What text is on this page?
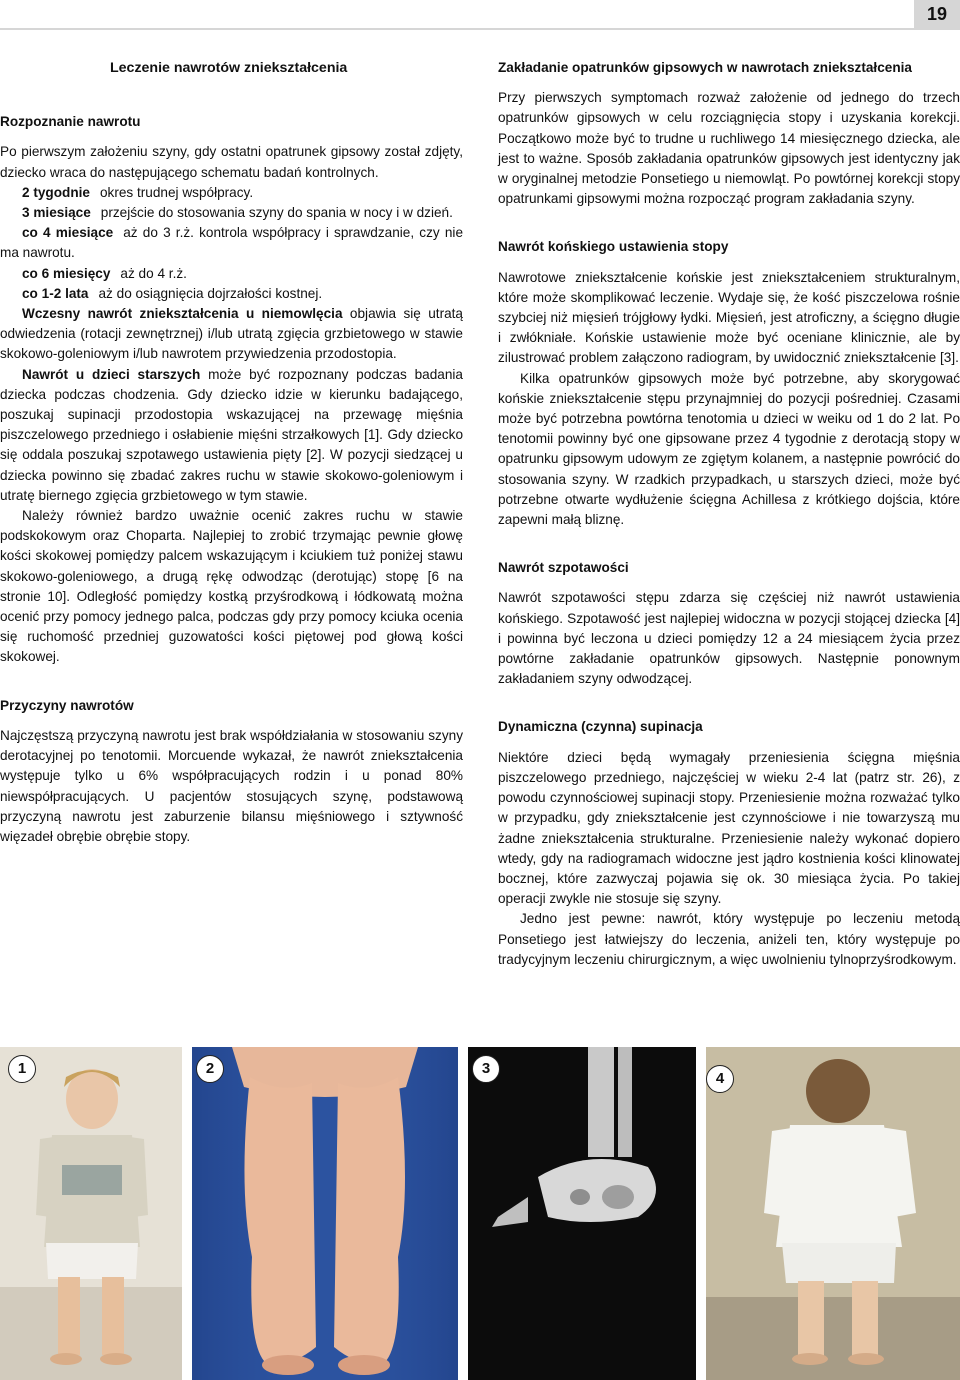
19
Leczenie nawrotów zniekształcenia
Rozpoznanie nawrotu

Po pierwszym założeniu szyny, gdy ostatni opatrunek gipsowy został zdjęty, dziecko wraca do następującego schematu badań kontrolnych.

2 tygodnie okres trudnej współpracy.

3 miesiące przejście do stosowania szyny do spania w nocy i w dzień.

co 4 miesiące aż do 3 r.ż. kontrola współpracy i sprawdzanie, czy nie ma nawrotu.

co 6 miesięcy aż do 4 r.ż.
co 1-2 lata aż do osiągnięcia dojrzałości kostnej.

Wczesny nawrót zniekształcenia u niemowlęcia objawia się utratą odwiedzenia (rotacji zewnętrznej) i/lub utratą zgięcia grzbietowego w stawie skokowo-goleniowym i/lub nawrotem przywiedzenia przodostopia.

Nawrót u dzieci starszych może być rozpoznany podczas badania dziecka podczas chodzenia. Gdy dziecko idzie w kierunku badającego, poszukaj supinacji przodostopia wskazującej na przewagę mięśnia piszczelowego przedniego i osłabienie mięśni strzałkowych [1]. Gdy dziecko się oddala poszukaj szpotawego ustawienia pięty [2]. W pozycji siedzącej u dziecka powinno się zbadać zakres ruchu w stawie skokowo-goleniowym i utratę biernego zgięcia grzbietowego w tym stawie.

Należy również bardzo uważnie ocenić zakres ruchu w stawie podskokowym oraz Choparta. Najlepiej to zrobić trzymając pewnie głowę kości skokowej pomiędzy palcem wskazującym i kciukiem tuż poniżej stawu skokowo-goleniowego, a drugą rękę odwodząc (derotując) stopę [6 na stronie 10]. Odległość pomiędzy kostką przyśrodkową i łódkowatą można ocenić przy pomocy jednego palca, podczas gdy przy pomocy kciuka ocenia się ruchomość przedniej guzowatości kości piętowej pod głową kości skokowej.

Przyczyny nawrotów

Najczęstszą przyczyną nawrotu jest brak współdziałania w stosowaniu szyny derotacyjnej po tenotomii. Morcuende wykazał, że nawrót zniekształcenia występuje tylko u 6% współpracujących rodzin i u ponad 80% niewspółpracujących. U pacjentów stosujących szynę, podstawową przyczyną nawrotu jest zaburzenie bilansu mięśniowego i sztywność więzadeł obrębie obrębie stopy.

Zakładanie opatrunków gipsowych w nawrotach zniekształcenia

Przy pierwszych symptomach rozważ założenie od jednego do trzech opatrunków gipsowych w celu rozciągnięcia stopy i uzyskania korekcji. Początkowo może być to trudne u ruchliwego 14 miesięcznego dziecka, ale jest to ważne. Sposób zakładania opatrunków gipsowych jest identyczny jak w oryginalnej metodzie Ponsetiego u niemowląt. Po powtórnej korekcji stopy opatrunkami gipsowymi można rozpocząć program zakładania szyny.

Nawrót końskiego ustawienia stopy

Nawrotowe zniekształcenie końskie jest zniekształceniem strukturalnym, które może skomplikować leczenie. Wydaje się, że kość piszczelowa rośnie szybciej niż mięsień trójgłowy łydki. Mięsień, jest atroficzny, a ścięgno długie i zwłókniałe. Końskie ustawienie może być oceniane klinicznie, ale by zilustrować problem załączono radiogram, by uwidocznić zniekształcenie [3].

Kilka opatrunków gipsowych może być potrzebne, aby skorygować końskie zniekształcenie stępu przynajmniej do pozycji pośredniej. Czasami może być potrzebna powtórna tenotomia u dzieci w weiku od 1 do 2 lat. Po tenotomii powinny być one gipsowane przez 4 tygodnie z derotacją stopy w opatrunku gipsowym udowym ze zgiętym kolanem, a następnie powrócić do stosowania szyny. W rzadkich przypadkach, u starszych dzieci, może być potrzebne otwarte wydłużenie ścięgna Achillesa z krótkiego dojścia, które zapewni małą bliznę.

Nawrót szpotawości

Nawrót szpotawości stępu zdarza się częściej niż nawrót ustawienia końskiego. Szpotawość jest najlepiej widoczna w pozycji stojącej dziecka [4] i powinna być leczona u dzieci pomiędzy 12 a 24 miesiącem życia przez powtórne zakładanie opatrunków gipsowych. Następnie ponownym zakładaniem szyny odwodzącej.

Dynamiczna (czynna) supinacja

Niektóre dzieci będą wymagały przeniesienia ścięgna mięśnia piszczelowego przedniego, najczęściej w wieku 2-4 lat (patrz str. 26), z powodu czynnościowej supinacji stopy. Przeniesienie można rozważać tylko w przypadku, gdy zniekształcenie jest czynnościowe i nie towarzyszą mu żadne zniekształcenia strukturalne. Przeniesienie należy wykonać dopiero wtedy, gdy na radiogramach widoczne jest jądro kostnienia kości klinowatej bocznej, które zazwyczaj pojawia się ok. 30 miesiąca życia. Po takiej operacji zwykle nie stosuje się szyny.

Jedno jest pewne: nawrót, który występuje po leczeniu metodą Ponsetiego jest łatwiejszy do leczenia, aniżeli ten, który występuje po tradycyjnym leczeniu chirurgicznym, a więc uwolnieniu tylnoprzyśrodkowym.

1	2	3
4
